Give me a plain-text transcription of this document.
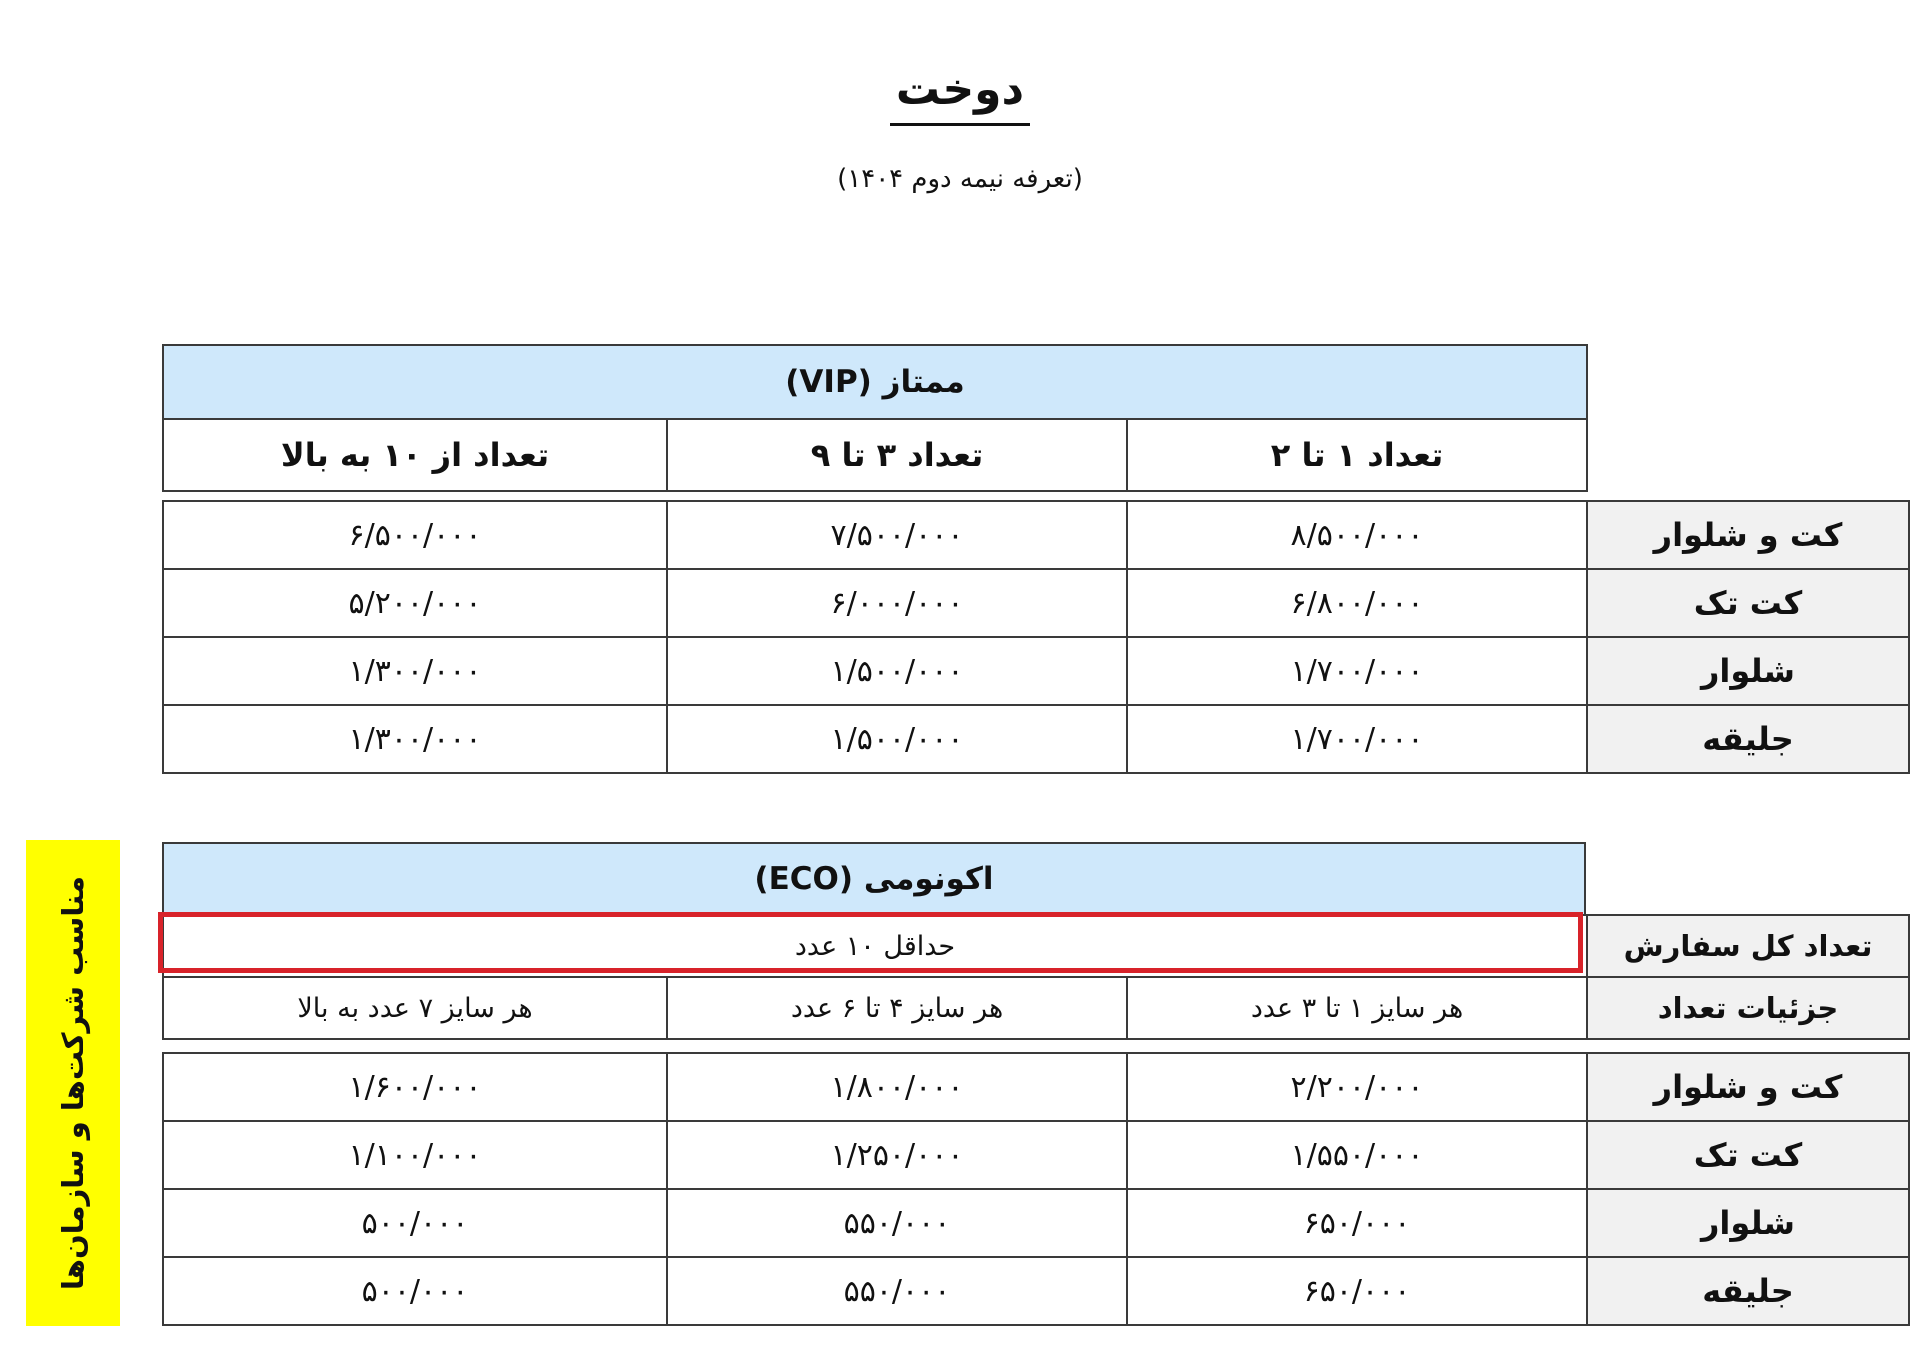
دوخت

(تعرفه نیمه دوم ۱۴۰۴)

مناسب شرکت‌ها و سازمان‌ها
ممتاز (VIP)
تعداد ۱ تا ۲	تعداد ۳ تا ۹	تعداد از ۱۰ به بالا
کت و شلوار	۸/۵۰۰/۰۰۰	۷/۵۰۰/۰۰۰	۶/۵۰۰/۰۰۰
کت تک	۶/۸۰۰/۰۰۰	۶/۰۰۰/۰۰۰	۵/۲۰۰/۰۰۰
شلوار	۱/۷۰۰/۰۰۰	۱/۵۰۰/۰۰۰	۱/۳۰۰/۰۰۰
جلیقه	۱/۷۰۰/۰۰۰	۱/۵۰۰/۰۰۰	۱/۳۰۰/۰۰۰
اکونومی (ECO)
تعداد کل سفارش	حداقل ۱۰ عدد		
جزئیات تعداد	هر سایز ۱ تا ۳ عدد	هر سایز ۴ تا ۶ عدد	هر سایز ۷ عدد به بالا
کت و شلوار	۲/۲۰۰/۰۰۰	۱/۸۰۰/۰۰۰	۱/۶۰۰/۰۰۰
کت تک	۱/۵۵۰/۰۰۰	۱/۲۵۰/۰۰۰	۱/۱۰۰/۰۰۰
شلوار	۶۵۰/۰۰۰	۵۵۰/۰۰۰	۵۰۰/۰۰۰
جلیقه	۶۵۰/۰۰۰	۵۵۰/۰۰۰	۵۰۰/۰۰۰
